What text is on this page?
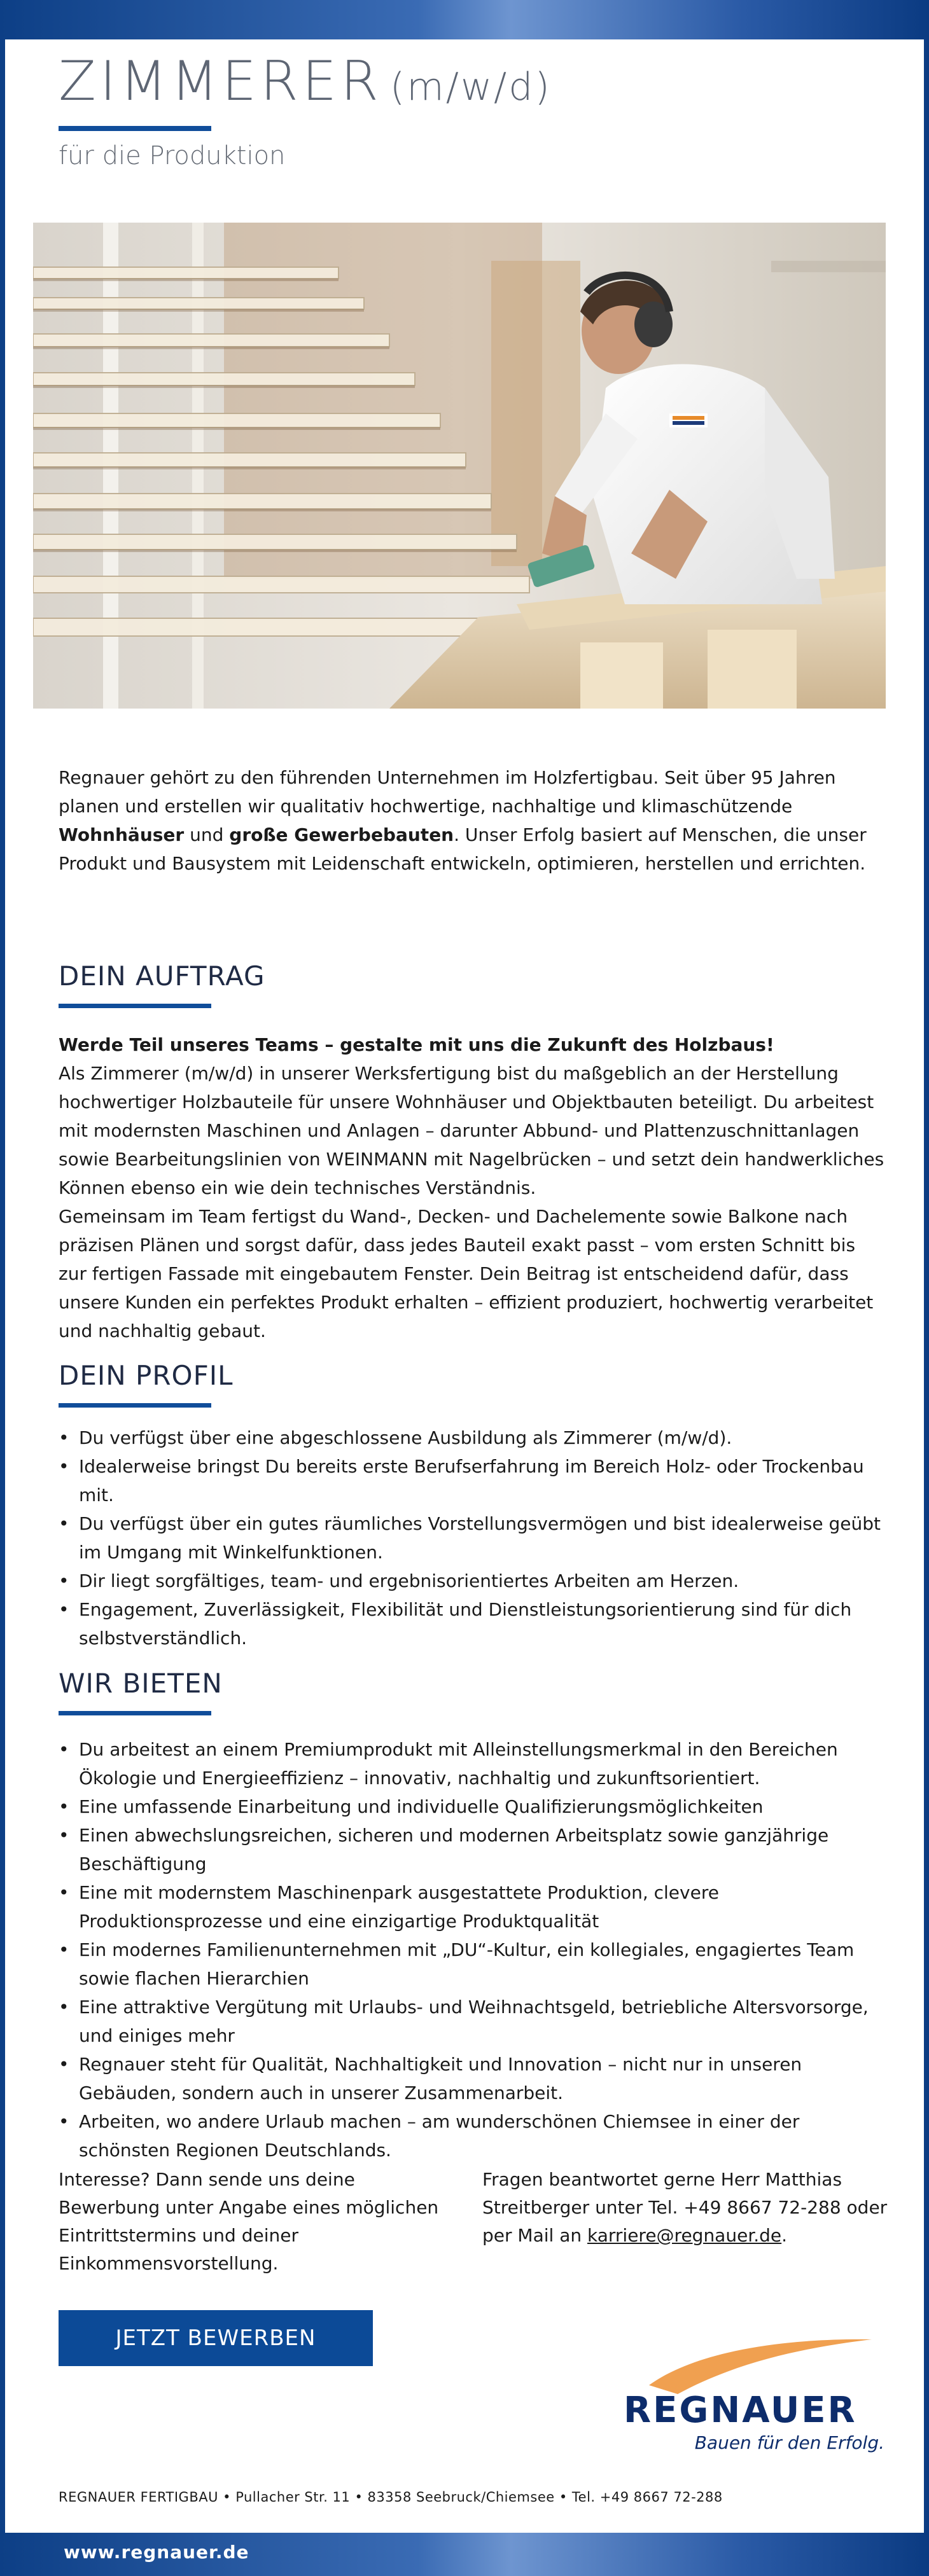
ZIMMERER (m/w/d)
für die Produktion
Regnauer gehört zu den führenden Unternehmen im Holzfertigbau. Seit über 95 Jahren planen und erstellen wir qualitativ hochwertige, nachhaltige und klimaschützende Wohnhäuser und große Gewerbebauten. Unser Erfolg basiert auf Menschen, die unser Produkt und Bausystem mit Leidenschaft entwickeln, optimieren, herstellen und errichten.
DEIN AUFTRAG

Werde Teil unseres Teams – gestalte mit uns die Zukunft des Holzbaus!

Als Zimmerer (m/w/d) in unserer Werksfertigung bist du maßgeblich an der Herstellung hochwertiger Holzbauteile für unsere Wohnhäuser und Objektbauten beteiligt. Du arbeitest mit modernsten Maschinen und Anlagen – darunter Abbund- und Plattenzuschnittanlagen sowie Bearbeitungslinien von WEINMANN mit Nagelbrücken – und setzt dein handwerkliches Können ebenso ein wie dein technisches Verständnis.

Gemeinsam im Team fertigst du Wand-, Decken- und Dachelemente sowie Balkone nach präzisen Plänen und sorgst dafür, dass jedes Bauteil exakt passt – vom ersten Schnitt bis zur fertigen Fassade mit eingebautem Fenster. Dein Beitrag ist entscheidend dafür, dass unsere Kunden ein perfektes Produkt erhalten – effizient produziert, hochwertig verarbeitet und nachhaltig gebaut.

DEIN PROFIL
• Du verfügst über eine abgeschlossene Ausbildung als Zimmerer (m/w/d).
• Idealerweise bringst Du bereits erste Berufserfahrung im Bereich Holz- oder Trockenbau mit.
• Du verfügst über ein gutes räumliches Vorstellungsvermögen und bist idealerweise geübt im Umgang mit Winkelfunktionen.
• Dir liegt sorgfältiges, team- und ergebnisorientiertes Arbeiten am Herzen.
• Engagement, Zuverlässigkeit, Flexibilität und Dienstleistungsorientierung sind für dich selbstverständlich.
WIR BIETEN
• Du arbeitest an einem Premiumprodukt mit Alleinstellungsmerkmal in den Bereichen Ökologie und Energieeffizienz – innovativ, nachhaltig und zukunftsorientiert.
• Eine umfassende Einarbeitung und individuelle Qualifizierungsmöglichkeiten
• Einen abwechslungsreichen, sicheren und modernen Arbeitsplatz sowie ganzjährige Beschäftigung
• Eine mit modernstem Maschinenpark ausgestattete Produktion, clevere Produktionsprozesse und eine einzigartige Produktqualität
• Ein modernes Familienunternehmen mit „DU“-Kultur, ein kollegiales, engagiertes Team sowie flachen Hierarchien
• Eine attraktive Vergütung mit Urlaubs- und Weihnachtsgeld, betriebliche Altersvorsorge, und einiges mehr
• Regnauer steht für Qualität, Nachhaltigkeit und Innovation – nicht nur in unseren Gebäuden, sondern auch in unserer Zusammenarbeit.
• Arbeiten, wo andere Urlaub machen – am wunderschönen Chiemsee in einer der schönsten Regionen Deutschlands.
Interesse? Dann sende uns deine Bewerbung unter Angabe eines möglichen Eintrittstermins und deiner Einkommensvorstellung.
Fragen beantwortet gerne Herr Matthias Streitberger unter Tel. +49 8667 72-288 oder per Mail an karriere@regnauer.de.
JETZT BEWERBEN
REGNAUER
Bauen für den Erfolg.
REGNAUER FERTIGBAU • Pullacher Str. 11 • 83358 Seebruck/Chiemsee • Tel. +49 8667 72-288
www.regnauer.de
